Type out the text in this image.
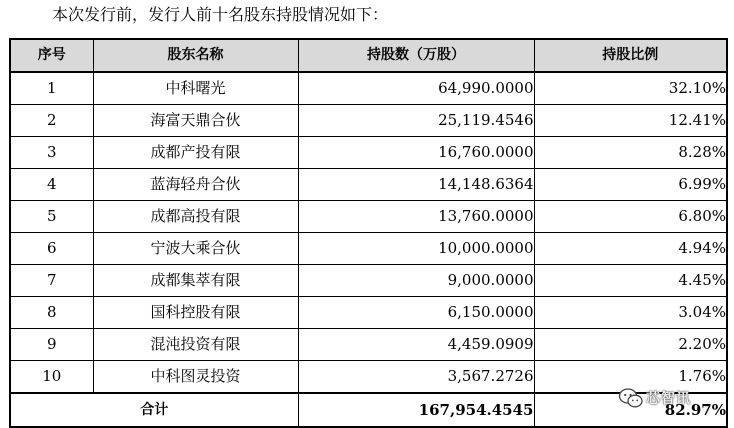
本次发行前，发行人前十名股东持股情况如下：
序号	股东名称	持股数（万股）	持股比例
1	中科曙光	64,990.0000	32.10%
2	海富天鼎合伙	25,119.4546	12.41%
3	成都产投有限	16,760.0000	8.28%
4	蓝海轻舟合伙	14,148.6364	6.99%
5	成都高投有限	13,760.0000	6.80%
6	宁波大乘合伙	10,000.0000	4.94%
7	成都集萃有限	9,000.0000	4.45%
8	国科控股有限	6,150.0000	3.04%
9	混沌投资有限	4,459.0909	2.20%
10	中科图灵投资	3,567.2726	1.76%
合计		167,954.4545	82.97%
芯智讯
